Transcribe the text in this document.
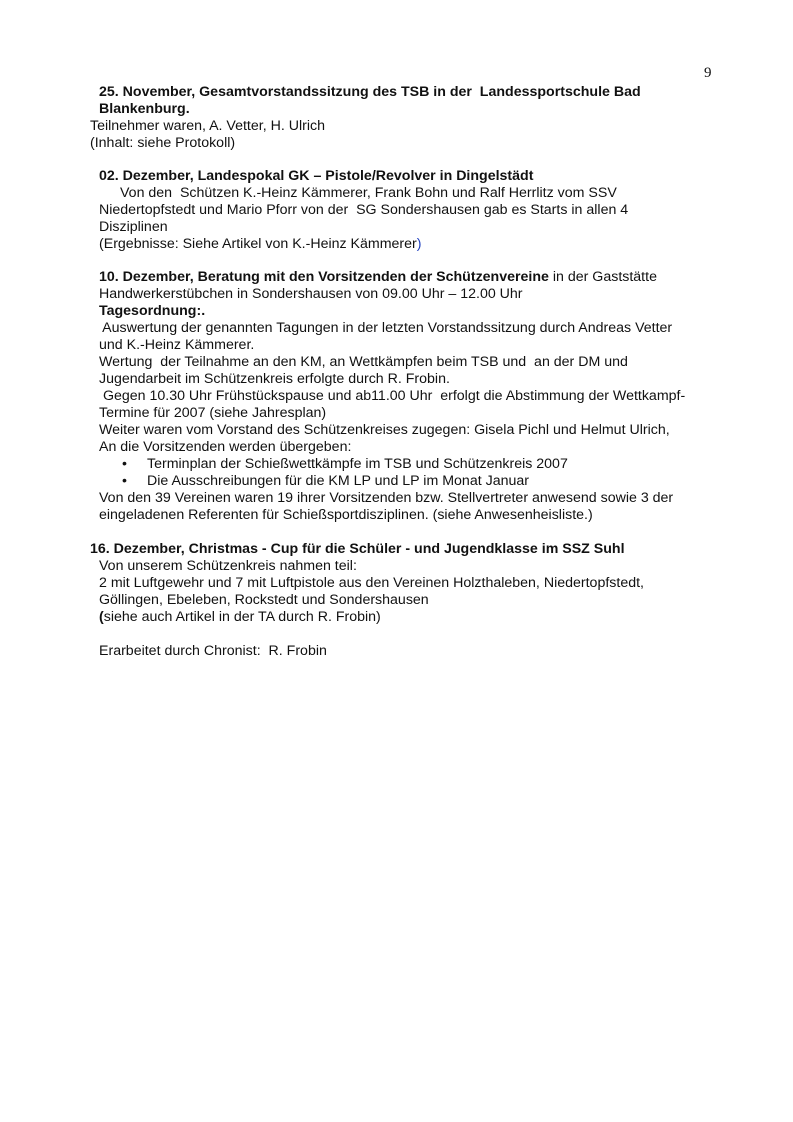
9

25. November, Gesamtvorstandssitzung des TSB in der  Landessportschule Bad

Blankenburg.

Teilnehmer waren, A. Vetter, H. Ulrich

(Inhalt: siehe Protokoll)

02. Dezember, Landespokal GK – Pistole/Revolver in Dingelstädt

Von den  Schützen K.-Heinz Kämmerer, Frank Bohn und Ralf Herrlitz vom SSV

Niedertopfstedt und Mario Pforr von der  SG Sondershausen gab es Starts in allen 4

Disziplinen

(Ergebnisse: Siehe Artikel von K.-Heinz Kämmerer)

10. Dezember, Beratung mit den Vorsitzenden der Schützenvereine in der Gaststätte

Handwerkerstübchen in Sondershausen von 09.00 Uhr – 12.00 Uhr

Tagesordnung:.

Auswertung der genannten Tagungen in der letzten Vorstandssitzung durch Andreas Vetter

und K.-Heinz Kämmerer.

Wertung  der Teilnahme an den KM, an Wettkämpfen beim TSB und  an der DM und

Jugendarbeit im Schützenkreis erfolgte durch R. Frobin.

Gegen 10.30 Uhr Frühstückspause und ab11.00 Uhr  erfolgt die Abstimmung der Wettkampf-

Termine für 2007 (siehe Jahresplan)

Weiter waren vom Vorstand des Schützenkreises zugegen: Gisela Pichl und Helmut Ulrich,

An die Vorsitzenden werden übergeben:

• Terminplan der Schießwettkämpfe im TSB und Schützenkreis 2007

• Die Ausschreibungen für die KM LP und LP im Monat Januar

Von den 39 Vereinen waren 19 ihrer Vorsitzenden bzw. Stellvertreter anwesend sowie 3 der

eingeladenen Referenten für Schießsportdisziplinen. (siehe Anwesenheisliste.)

16. Dezember, Christmas - Cup für die Schüler - und Jugendklasse im SSZ Suhl

Von unserem Schützenkreis nahmen teil:

2 mit Luftgewehr und 7 mit Luftpistole aus den Vereinen Holzthaleben, Niedertopfstedt,

Göllingen, Ebeleben, Rockstedt und Sondershausen

(siehe auch Artikel in der TA durch R. Frobin)

Erarbeitet durch Chronist:  R. Frobin
